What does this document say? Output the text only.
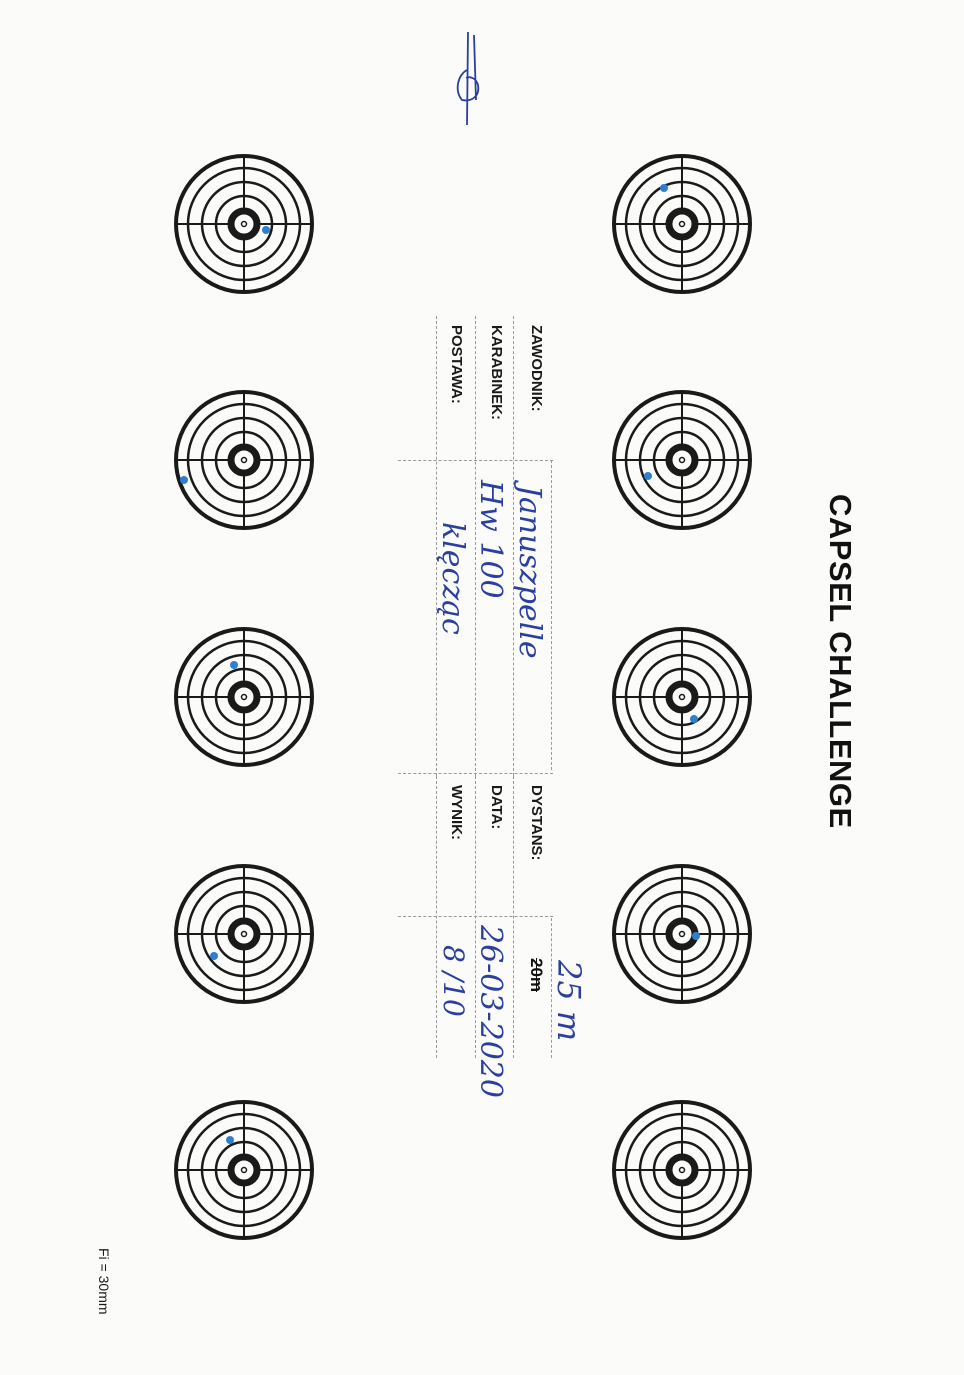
CAPSEL CHALLENGE
ZAWODNIK:
KARABINEK:
POSTAWA:
DYSTANS:
DATA:
WYNIK:
Januszpelle
Hw 100
klęcząc
20m 25 m
26-03-2020
8 /10
Fi = 30mm
